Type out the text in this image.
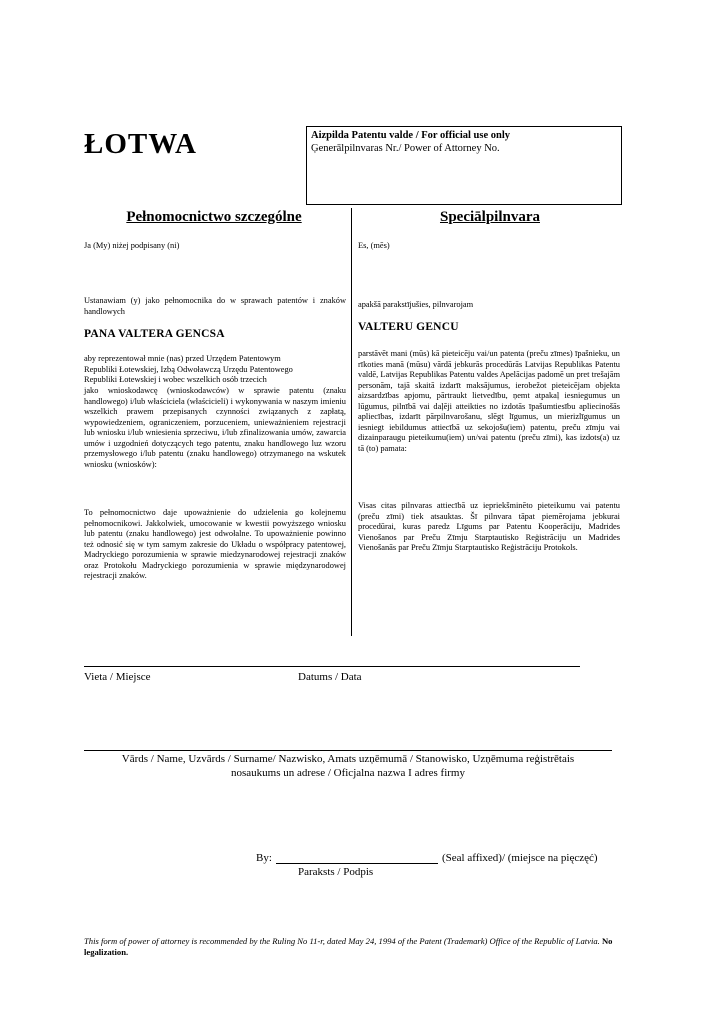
ŁOTWA	Aizpilda Patentu valde / For official use only
Ģenerālpilnvaras Nr./ Power of Attorney No.
Pełnomocnictwo szczególne
Ja (My) niżej podpisany (ni)
Ustanawiam (y) jako pełnomocnika do w sprawach patentów i znaków handlowych
PANA VALTERA GENCSA
aby reprezentował mnie (nas) przed Urzędem Patentowym
Republiki Łotewskiej, Izbą Odwoławczą Urzędu Patentowego
Republiki Łotewskiej i wobec wszelkich osób trzecich
jako wnioskodawcę (wnioskodawców) w sprawie patentu (znaku handlowego) i/lub właściciela (właścicieli) i wykonywania w naszym imieniu wszelkich prawem przepisanych czynności związanych z zapłatą, wypowiedzeniem, ograniczeniem, porzuceniem, unieważnieniem rejestracji lub wniosku i/lub wniesienia sprzeciwu, i/lub zfinalizowania umów, zawarcia umów i uzgodnień dotyczących tego patentu, znaku handlowego luz wzoru przemysłowego i/lub patentu (znaku handlowego) otrzymanego na wskutek wniosku (wniosków):
To pełnomocnictwo daje upoważnienie do udzielenia go kolejnemu pełnomocnikowi. Jakkolwiek, umocowanie w kwestii powyższego wniosku lub patentu (znaku handlowego) jest odwołalne. To upoważnienie powinno też odnosić się w tym samym zakresie do Układu o współpracy patentowej, Madryckiego porozumienia w sprawie miedzynarodowej rejestracji znaków oraz Protokołu Madryckiego porozumienia w sprawie międzynarodowej rejestracji znaków.
Speciālpilnvara
Es, (mēs)
apakšā parakstījušies, pilnvarojam
VALTERU GENCU
parstāvēt mani (mūs) kā pieteicēju vai/un patenta (preču zīmes) īpašnieku, un rīkoties manā (mūsu) vārdā jebkurās procedūrās Latvijas Republikas Patentu valdē, Latvijas Republikas Patentu valdes Apelācijas padomē un pret trešajām personām, tajā skaitā izdarīt maksājumus, ierobežot pieteicējam objekta aizsardzības apjomu, pārtraukt lietvedību, ņemt atpakaļ iesniegumus un lūgumus, pilnībā vai daļēji atteikties no izdotās īpašumtiesību apliecinošās apliecības, izdarīt pārpilnvarošanu, slēgt līgumus, un mierizlīgumus un iesniegt iebildumus attiecībā uz sekojošu(iem) patentu, preču zīmju vai dizainparaugu pieteikumu(iem) un/vai patentu (preču zīmi), kas izdots(a) uz tā (to) pamata:
Visas citas pilnvaras attiecībā uz iepriekšminēto pieteikumu vai patentu (preču zīmi) tiek atsauktas. Šī pilnvara tāpat piemērojama jebkurai procedūrai, kuras paredz Līgums par Patentu Kooperāciju, Madrides Vienošanos par Preču Zīmju Starptautisko Reģistrāciju un Madrides Vienošanās par Preču Zīmju Starptautisko Reģistrāciju Protokols.
Vieta / Miejsce	Datums / Data
Vārds / Name, Uzvārds / Surname/ Nazwisko, Amats uzņēmumā / Stanowisko, Uzņēmuma reģistrētais
nosaukums un adrese / Oficjalna nazwa I adres firmy
By:	(Seal affixed)/ (miejsce na pięczęć)
Paraksts / Podpis
This form of power of attorney is recommended by the Ruling No 11-r, dated May 24, 1994 of the Patent (Trademark) Office of the Republic of Latvia. No legalization.
